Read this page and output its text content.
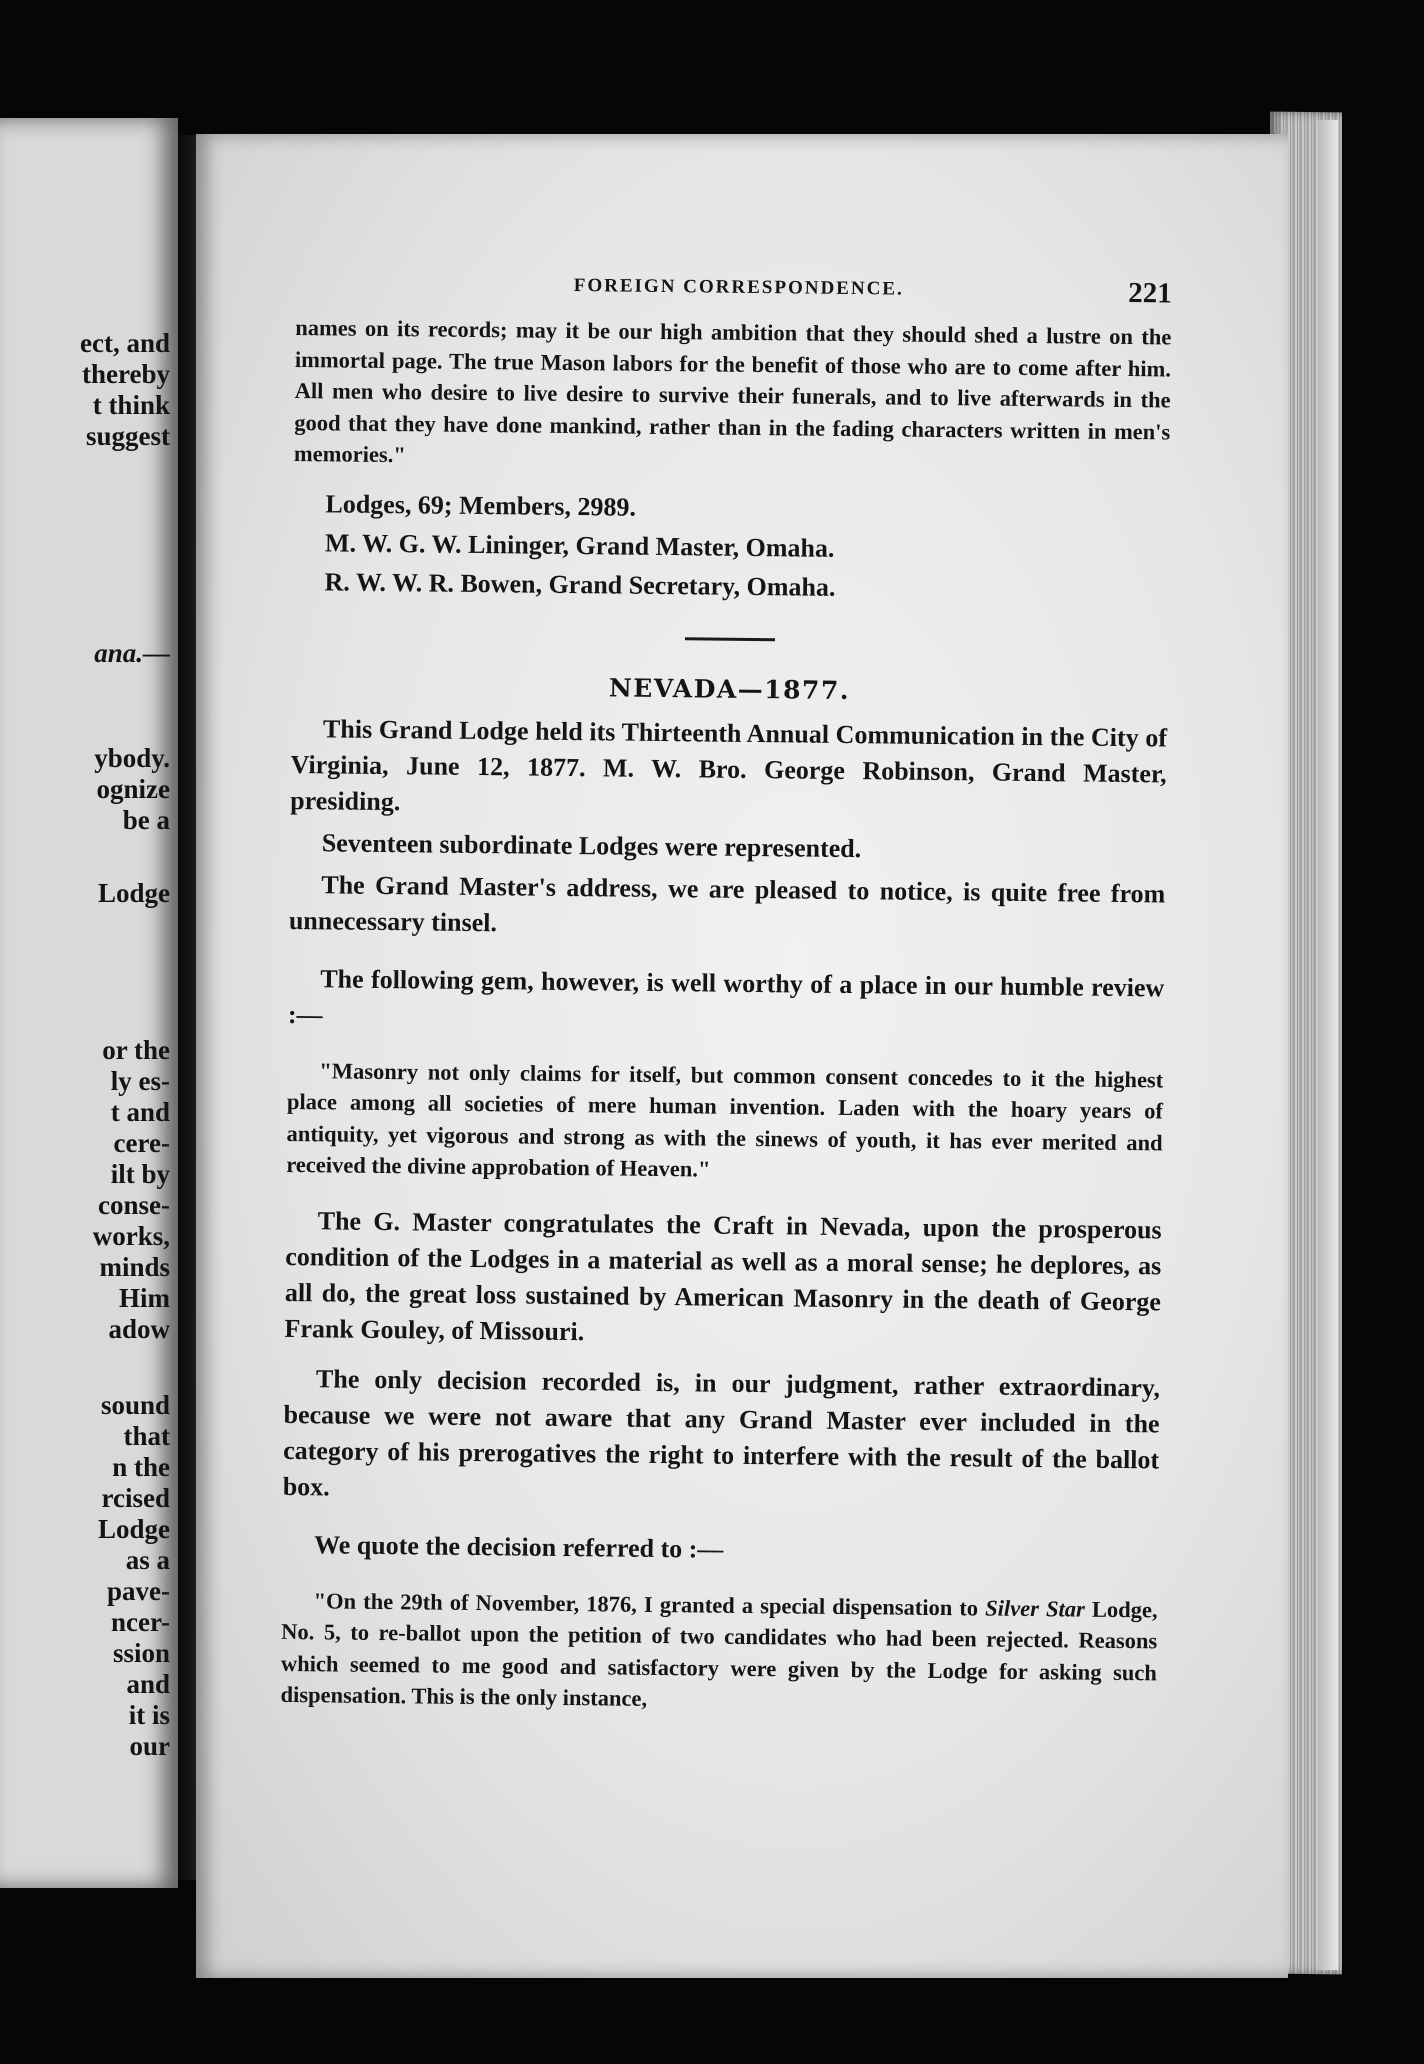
ect, and
thereby
t think
suggest
ana.—
ybody.
ognize
be a
Lodge
or the
ly es-
t and
cere-
ilt by
conse-
works,
minds
Him
adow
sound
that
n the
rcised
Lodge
as a
pave-
ncer-
ssion
and
it is
our
FOREIGN CORRESPONDENCE.	221

names on its records; may it be our high ambition that they should shed a lustre on the immortal page. The true Mason labors for the benefit of those who are to come after him. All men who desire to live desire to survive their funerals, and to live afterwards in the good that they have done mankind, rather than in the fading characters written in men's memories."

Lodges, 69; Members, 2989.
M. W. G. W. Lininger, Grand Master, Omaha.
R. W. W. R. Bowen, Grand Secretary, Omaha.
NEVADA—1877.

This Grand Lodge held its Thirteenth Annual Communication in the City of Virginia, June 12, 1877. M. W. Bro. George Robinson, Grand Master, presiding.

Seventeen subordinate Lodges were represented.

The Grand Master's address, we are pleased to notice, is quite free from unnecessary tinsel.

The following gem, however, is well worthy of a place in our humble review :—

"Masonry not only claims for itself, but common consent concedes to it the highest place among all societies of mere human invention. Laden with the hoary years of antiquity, yet vigorous and strong as with the sinews of youth, it has ever merited and received the divine approbation of Heaven."

The G. Master congratulates the Craft in Nevada, upon the prosperous condition of the Lodges in a material as well as a moral sense; he deplores, as all do, the great loss sustained by American Masonry in the death of George Frank Gouley, of Missouri.

The only decision recorded is, in our judgment, rather extraordinary, because we were not aware that any Grand Master ever included in the category of his prerogatives the right to interfere with the result of the ballot box.

We quote the decision referred to :—

"On the 29th of November, 1876, I granted a special dispensation to Silver Star Lodge, No. 5, to re-ballot upon the petition of two candidates who had been rejected. Reasons which seemed to me good and satisfactory were given by the Lodge for asking such dispensation. This is the only instance,
